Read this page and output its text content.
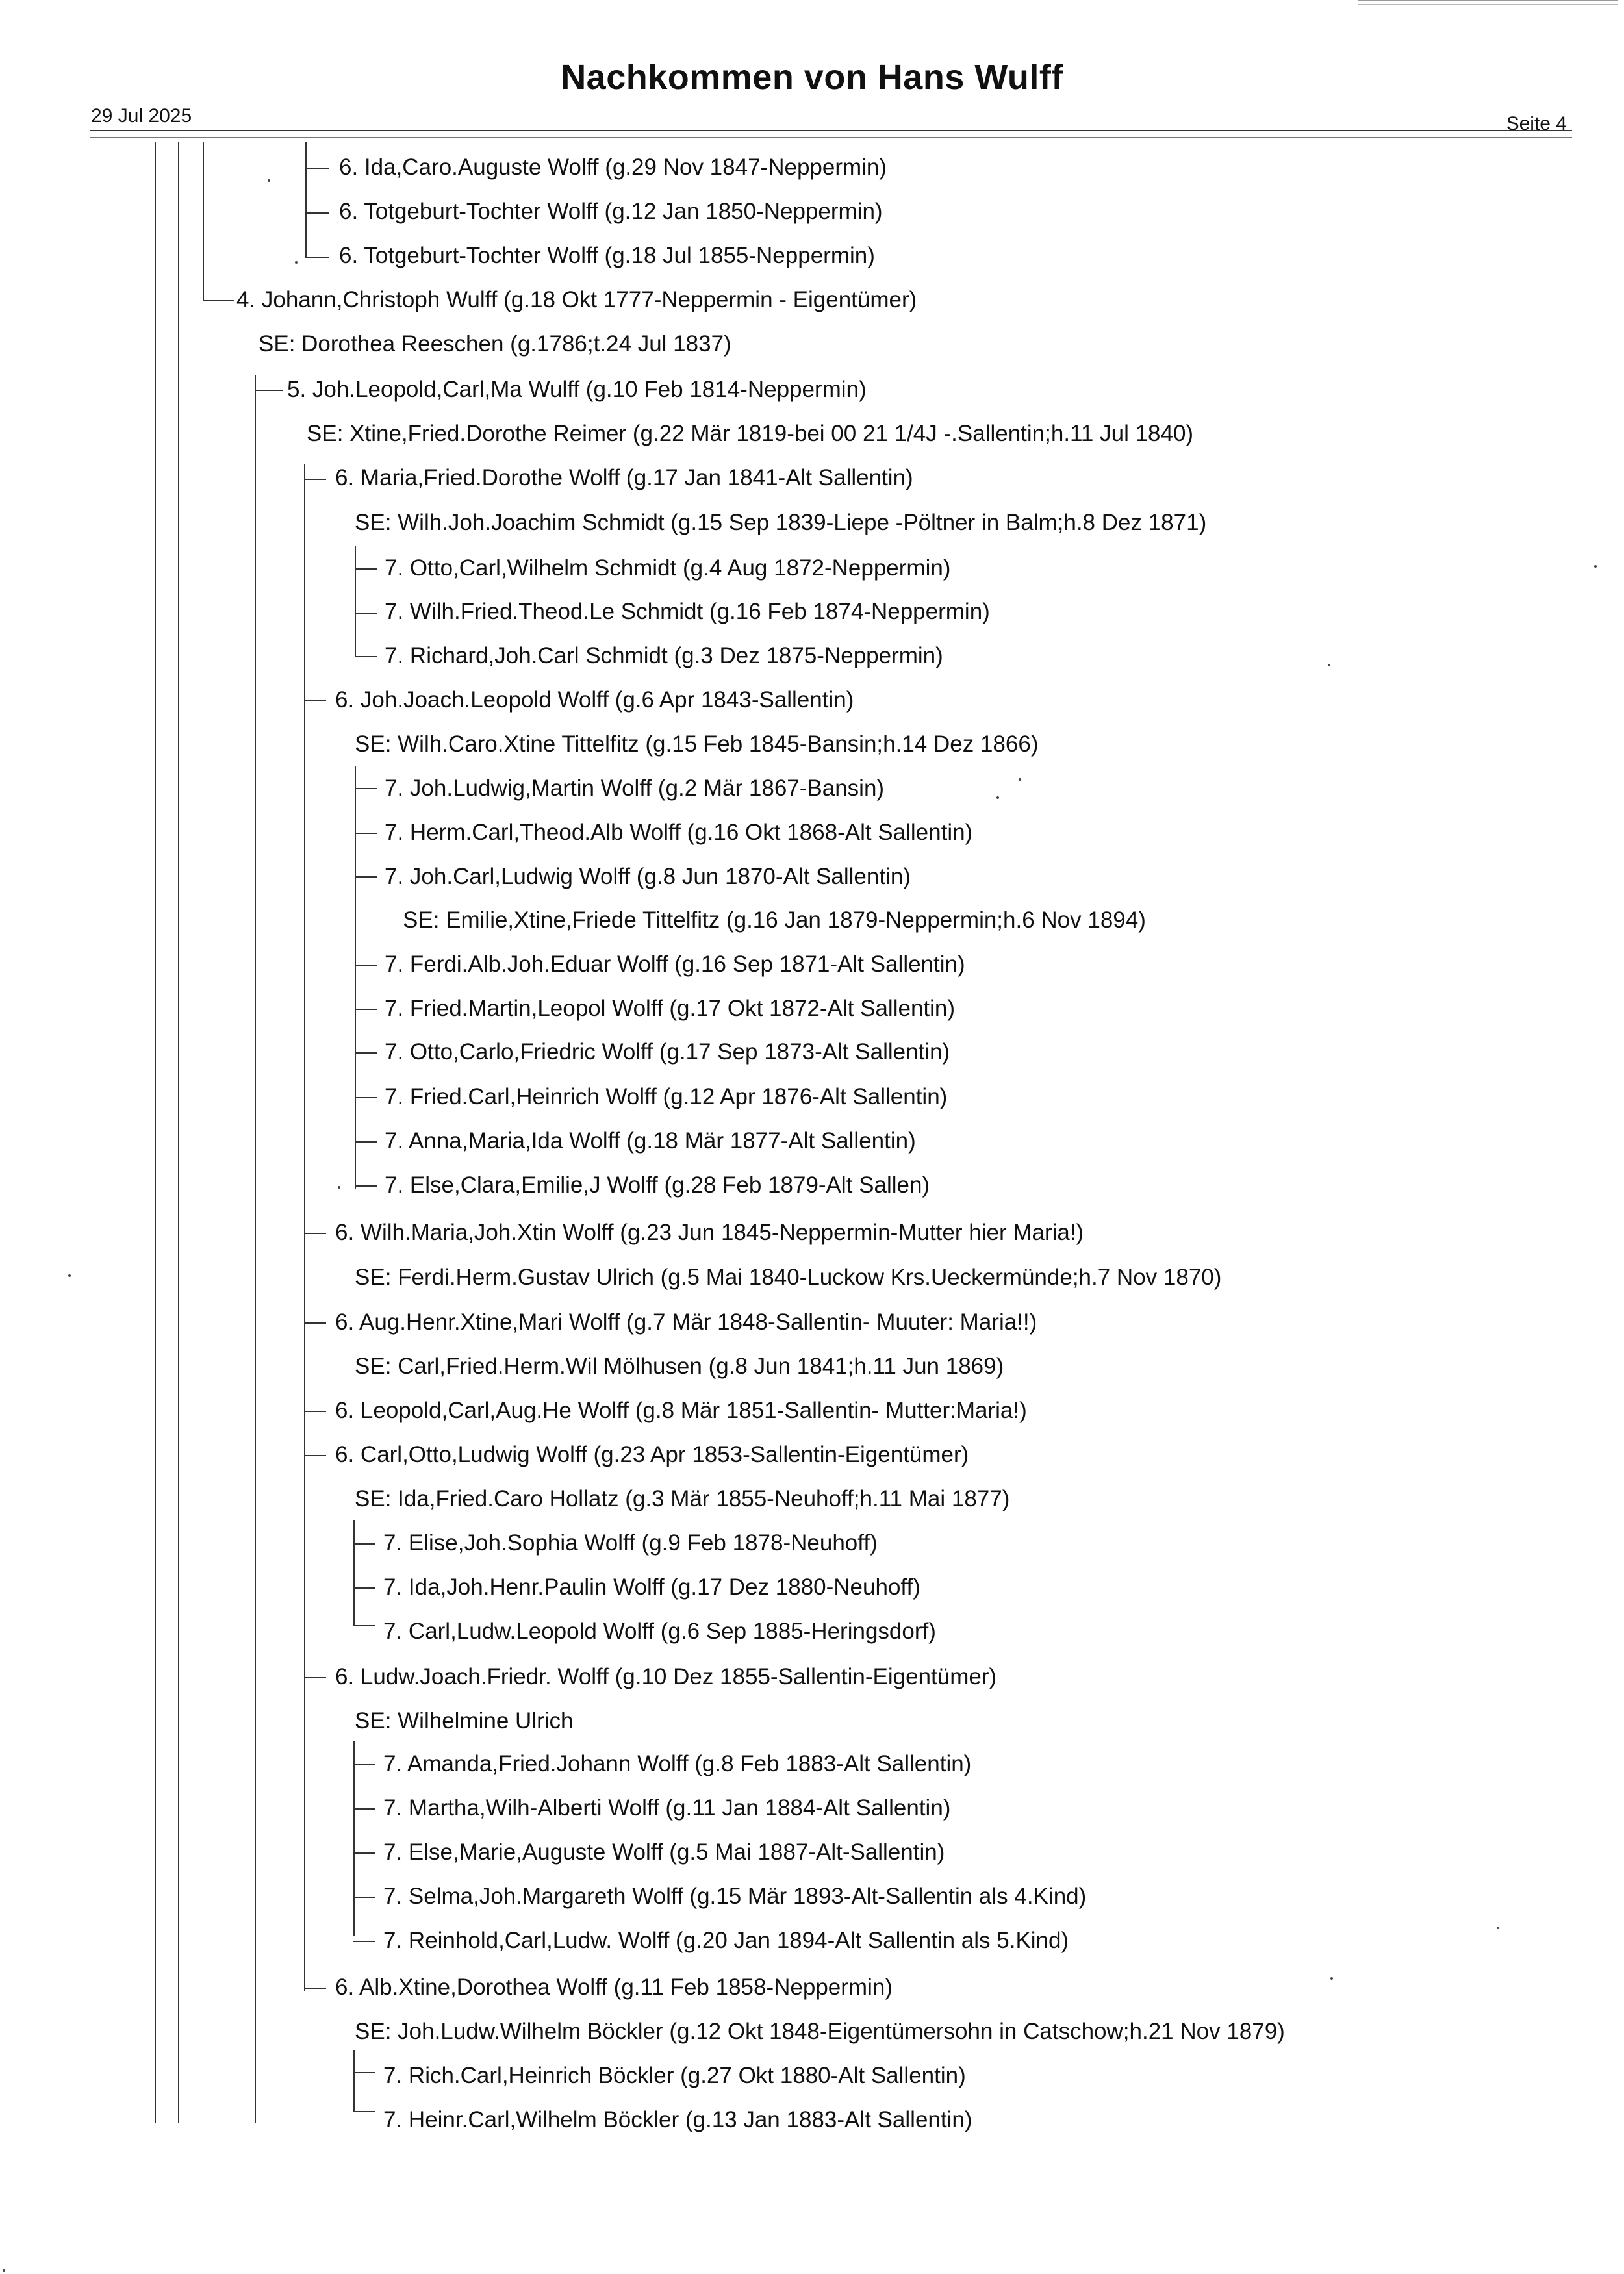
Nachkommen von Hans Wulff
29 Jul 2025	Seite 4
6. Ida,Caro.Auguste Wolff (g.29 Nov 1847-Neppermin)
6. Totgeburt-Tochter Wolff (g.12 Jan 1850-Neppermin)
6. Totgeburt-Tochter Wolff (g.18 Jul 1855-Neppermin)
4. Johann,Christoph Wulff (g.18 Okt 1777-Neppermin - Eigentümer)
SE: Dorothea Reeschen (g.1786;t.24 Jul 1837)
5. Joh.Leopold,Carl,Ma Wulff (g.10 Feb 1814-Neppermin)
SE: Xtine,Fried.Dorothe Reimer (g.22 Mär 1819-bei 00 21 1/4J -.Sallentin;h.11 Jul 1840)
6. Maria,Fried.Dorothe Wolff (g.17 Jan 1841-Alt Sallentin)
SE: Wilh.Joh.Joachim Schmidt (g.15 Sep 1839-Liepe -Pöltner in Balm;h.8 Dez 1871)
7. Otto,Carl,Wilhelm Schmidt (g.4 Aug 1872-Neppermin)
7. Wilh.Fried.Theod.Le Schmidt (g.16 Feb 1874-Neppermin)
7. Richard,Joh.Carl Schmidt (g.3 Dez 1875-Neppermin)
6. Joh.Joach.Leopold Wolff (g.6 Apr 1843-Sallentin)
SE: Wilh.Caro.Xtine Tittelfitz (g.15 Feb 1845-Bansin;h.14 Dez 1866)
7. Joh.Ludwig,Martin Wolff (g.2 Mär 1867-Bansin)
7. Herm.Carl,Theod.Alb Wolff (g.16 Okt 1868-Alt Sallentin)
7. Joh.Carl,Ludwig Wolff (g.8 Jun 1870-Alt Sallentin)
SE: Emilie,Xtine,Friede Tittelfitz (g.16 Jan 1879-Neppermin;h.6 Nov 1894)
7. Ferdi.Alb.Joh.Eduar Wolff (g.16 Sep 1871-Alt Sallentin)
7. Fried.Martin,Leopol Wolff (g.17 Okt 1872-Alt Sallentin)
7. Otto,Carlo,Friedric Wolff (g.17 Sep 1873-Alt Sallentin)
7. Fried.Carl,Heinrich Wolff (g.12 Apr 1876-Alt Sallentin)
7. Anna,Maria,Ida Wolff (g.18 Mär 1877-Alt Sallentin)
7. Else,Clara,Emilie,J Wolff (g.28 Feb 1879-Alt Sallen)
6. Wilh.Maria,Joh.Xtin Wolff (g.23 Jun 1845-Neppermin-Mutter hier Maria!)
SE: Ferdi.Herm.Gustav Ulrich (g.5 Mai 1840-Luckow Krs.Ueckermünde;h.7 Nov 1870)
6. Aug.Henr.Xtine,Mari Wolff (g.7 Mär 1848-Sallentin- Muuter: Maria!!)
SE: Carl,Fried.Herm.Wil Mölhusen (g.8 Jun 1841;h.11 Jun 1869)
6. Leopold,Carl,Aug.He Wolff (g.8 Mär 1851-Sallentin- Mutter:Maria!)
6. Carl,Otto,Ludwig Wolff (g.23 Apr 1853-Sallentin-Eigentümer)
SE: Ida,Fried.Caro Hollatz (g.3 Mär 1855-Neuhoff;h.11 Mai 1877)
7. Elise,Joh.Sophia Wolff (g.9 Feb 1878-Neuhoff)
7. Ida,Joh.Henr.Paulin Wolff (g.17 Dez 1880-Neuhoff)
7. Carl,Ludw.Leopold Wolff (g.6 Sep 1885-Heringsdorf)
6. Ludw.Joach.Friedr. Wolff (g.10 Dez 1855-Sallentin-Eigentümer)
SE: Wilhelmine Ulrich
7. Amanda,Fried.Johann Wolff (g.8 Feb 1883-Alt Sallentin)
7. Martha,Wilh-Alberti Wolff (g.11 Jan 1884-Alt Sallentin)
7. Else,Marie,Auguste Wolff (g.5 Mai 1887-Alt-Sallentin)
7. Selma,Joh.Margareth Wolff (g.15 Mär 1893-Alt-Sallentin als 4.Kind)
7. Reinhold,Carl,Ludw. Wolff (g.20 Jan 1894-Alt Sallentin als 5.Kind)
6. Alb.Xtine,Dorothea Wolff (g.11 Feb 1858-Neppermin)
SE: Joh.Ludw.Wilhelm Böckler (g.12 Okt 1848-Eigentümersohn in Catschow;h.21 Nov 1879)
7. Rich.Carl,Heinrich Böckler (g.27 Okt 1880-Alt Sallentin)
7. Heinr.Carl,Wilhelm Böckler (g.13 Jan 1883-Alt Sallentin)
